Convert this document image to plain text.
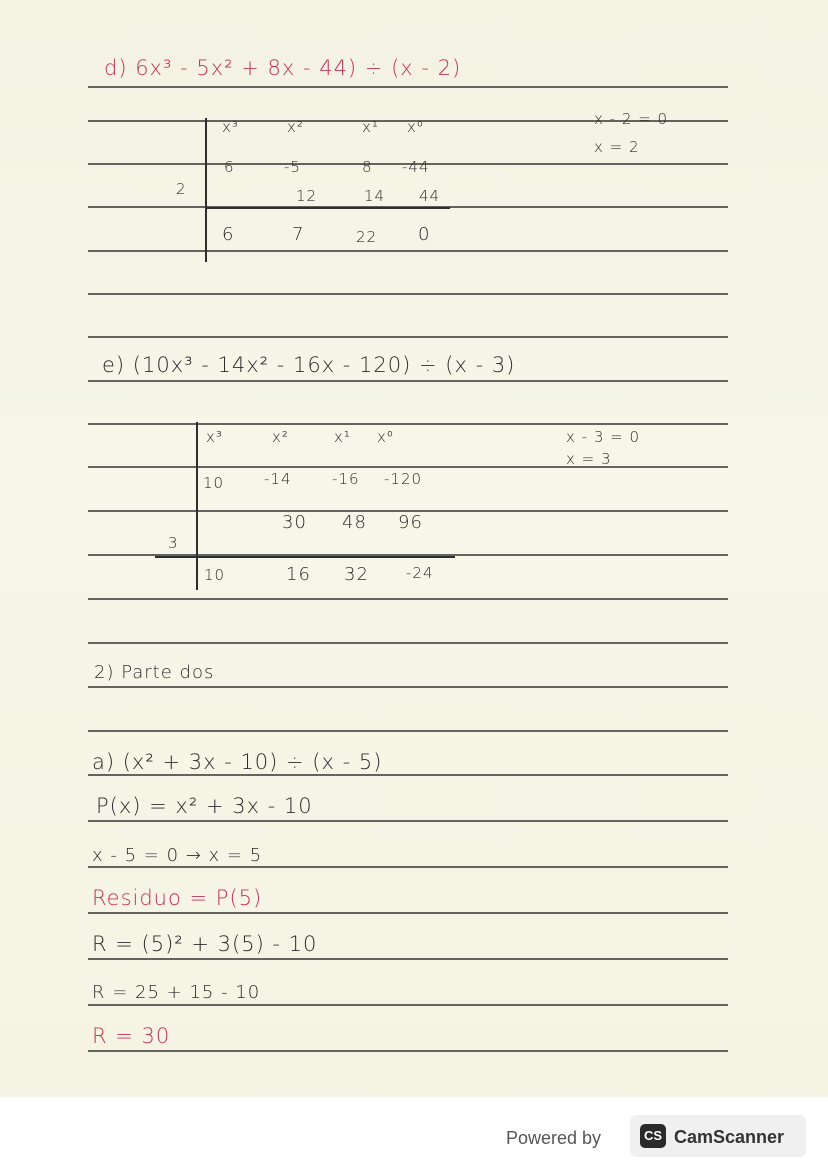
d) 6x³ - 5x² + 8x - 44) ÷ (x - 2)
x³	x²	x¹ x⁰
6	-5	8 -44
2	12	14 44
6	7	22 0
x - 2 = 0
x = 2
e) (10x³ - 14x² - 16x - 120) ÷ (x - 3)
x³	x²	x¹ x⁰
10	-14	-16 -120
30 48 96
3
10	16 32 -24
x - 3 = 0
x = 3
2) Parte dos
a) (x² + 3x - 10) ÷ (x - 5)
P(x) = x² + 3x - 10
x - 5 = 0 → x = 5
Residuo = P(5)
R = (5)² + 3(5) - 10
R = 25 + 15 - 10
R = 30
Powered by	CS CamScanner
